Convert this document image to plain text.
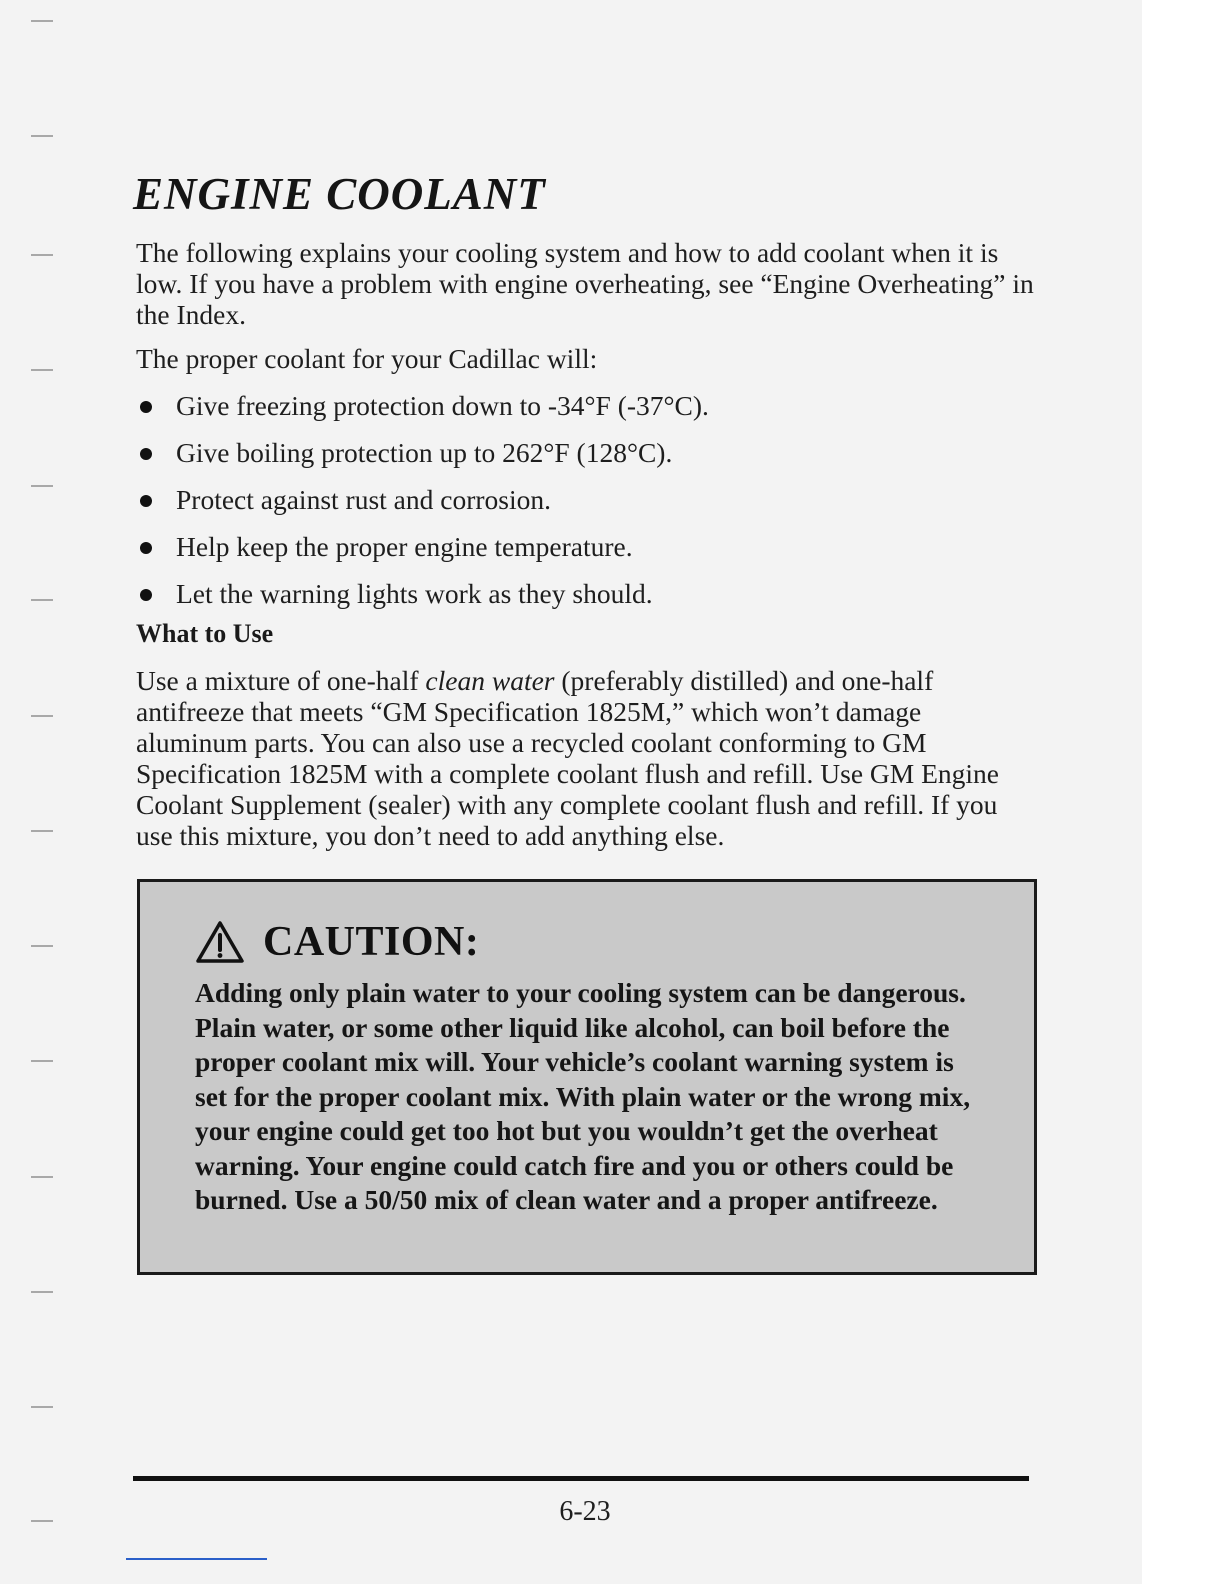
ENGINE COOLANT

The following explains your cooling system and how to add coolant when it is low. If you have a problem with engine overheating, see “Engine Overheating” in the Index.

The proper coolant for your Cadillac will:

Give freezing protection down to -34°F (-37°C).
Give boiling protection up to 262°F (128°C).
Protect against rust and corrosion.
Help keep the proper engine temperature.
Let the warning lights work as they should.
What to Use

Use a mixture of one-half clean water (preferably distilled) and one-half antifreeze that meets “GM Specification 1825M,” which won’t damage aluminum parts. You can also use a recycled coolant conforming to GM Specification 1825M with a complete coolant flush and refill. Use GM Engine Coolant Supplement (sealer) with any complete coolant flush and refill. If you use this mixture, you don’t need to add anything else.

CAUTION:

Adding only plain water to your cooling system can be dangerous. Plain water, or some other liquid like alcohol, can boil before the proper coolant mix will. Your vehicle’s coolant warning system is set for the proper coolant mix. With plain water or the wrong mix, your engine could get too hot but you wouldn’t get the overheat warning. Your engine could catch fire and you or others could be burned. Use a 50/50 mix of clean water and a proper antifreeze.

6-23
